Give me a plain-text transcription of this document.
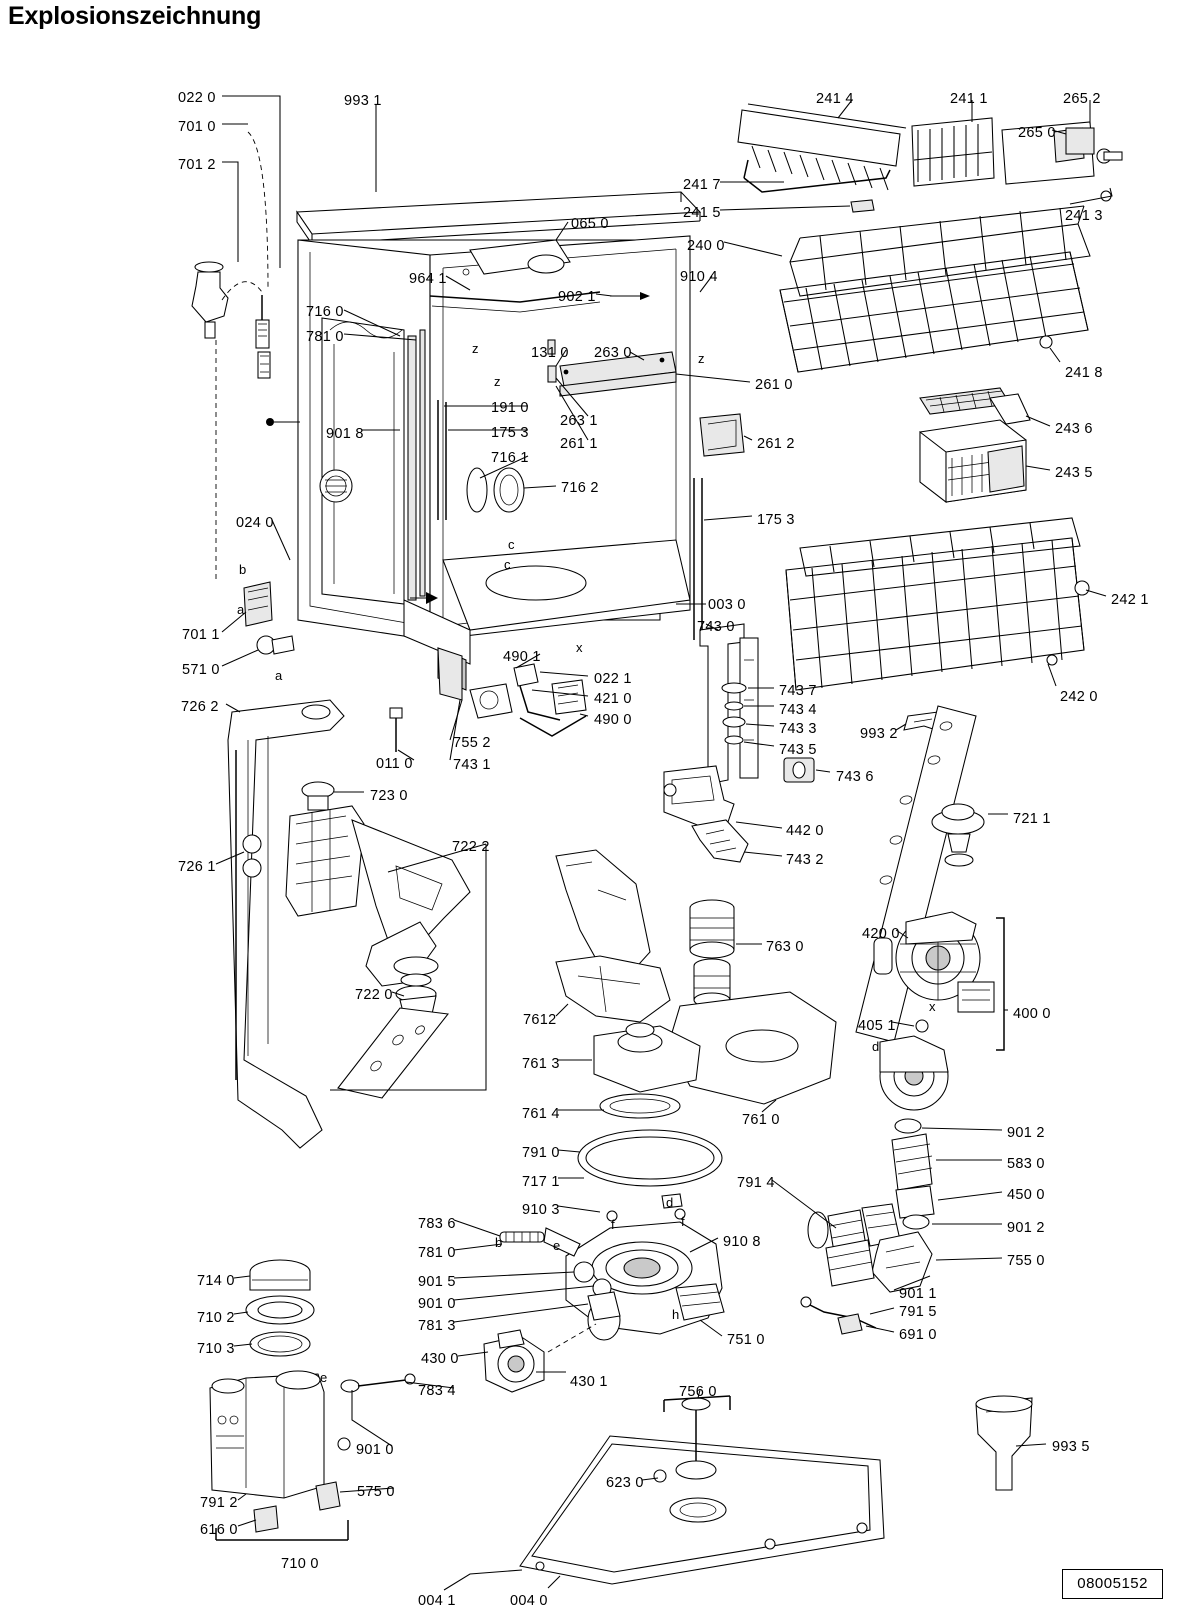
Explosionszeichnung
08005152
022 0
701 0
701 2
993 1
065 0
964 1
902 1
910 4
716 0
781 0
131 0 263 0
261 0
901 8
191 0
175 3
716 1
263 1
261 1	261 2
716 2
175 3
024 0
701 1
571 0
003 0
743 0
490 1
022 1
421 0
490 0
743 7
743 4
743 3
743 5
743 6
726 2
011 0
755 2
743 1
723 0
722 2
726 1
722 0
7612
442 0
743 2
993 2
721 1
763 0
420 0
400 0
405 1
761 3
761 4	761 0
901 2
583 0
450 0
901 2
755 0
791 0
717 1
910 3
791 4
783 6
781 0
901 5
901 0
781 3
910 8
901 1
791 5
691 0
751 0
714 0
710 2
710 3
430 0
430 1
783 4
901 0
791 2
616 0
575 0
710 0
756 0
623 0
004 1	004 0
993 5
241 4	241 1	265 2
265 0
241 7
241 5	241 3
240 0
241 8
243 6
243 5
242 1
242 0
z
z
z
b
a
a
c
c
x
x
d
b	e
f	f
d
h
e
